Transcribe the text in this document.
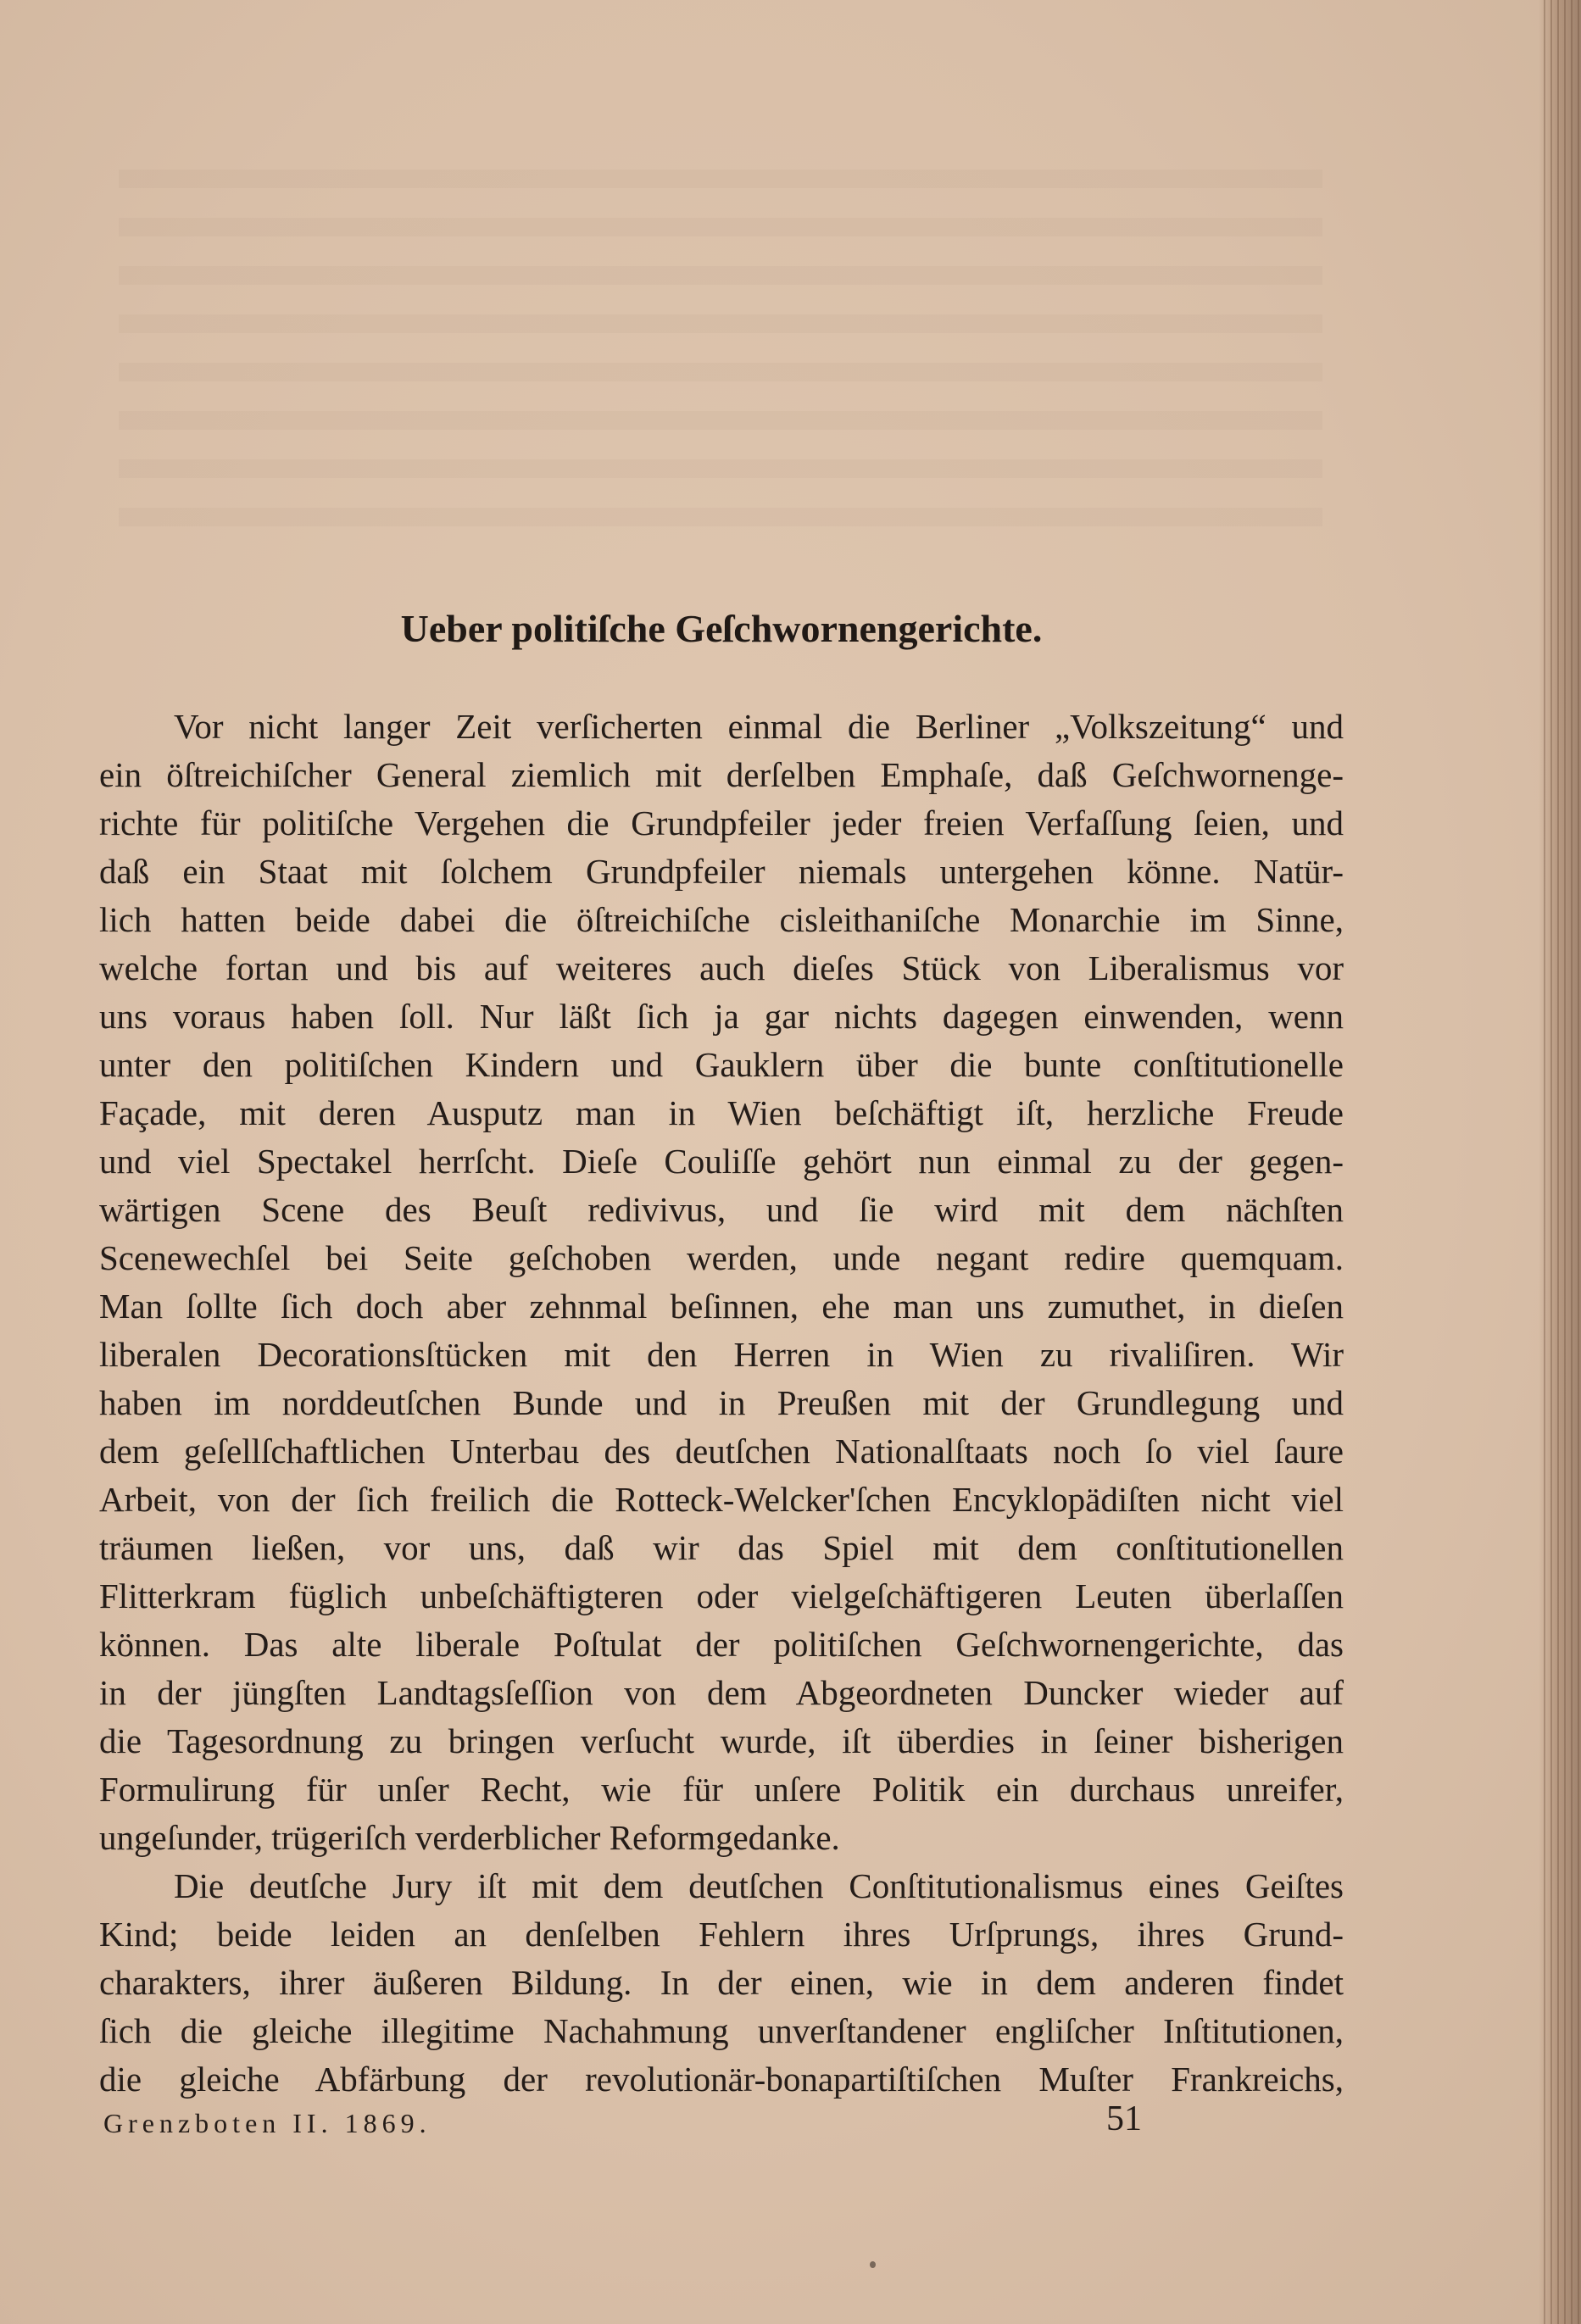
Ueber politiſche Geſchwornengerichte.
Vor nicht langer Zeit verſicherten einmal die Berliner „Volkszeitung“ und
ein öſtreichiſcher General ziemlich mit derſelben Emphaſe, daß Geſchwornenge-
richte für politiſche Vergehen die Grundpfeiler jeder freien Verfaſſung ſeien, und
daß ein Staat mit ſolchem Grundpfeiler niemals untergehen könne. Natür-
lich hatten beide dabei die öſtreichiſche cisleithaniſche Monarchie im Sinne,
welche fortan und bis auf weiteres auch dieſes Stück von Liberalismus vor
uns voraus haben ſoll. Nur läßt ſich ja gar nichts dagegen einwenden, wenn
unter den politiſchen Kindern und Gauklern über die bunte conſtitutionelle
Façade, mit deren Ausputz man in Wien beſchäftigt iſt, herzliche Freude
und viel Spectakel herrſcht. Dieſe Couliſſe gehört nun einmal zu der gegen-
wärtigen Scene des Beuſt redivivus, und ſie wird mit dem nächſten
Scenewechſel bei Seite geſchoben werden, unde negant redire quemquam.
Man ſollte ſich doch aber zehnmal beſinnen, ehe man uns zumuthet, in dieſen
liberalen Decorationsſtücken mit den Herren in Wien zu rivaliſiren. Wir
haben im norddeutſchen Bunde und in Preußen mit der Grundlegung und
dem geſellſchaftlichen Unterbau des deutſchen Nationalſtaats noch ſo viel ſaure
Arbeit, von der ſich freilich die Rotteck-Welcker'ſchen Encyklopädiſten nicht viel
träumen ließen, vor uns, daß wir das Spiel mit dem conſtitutionellen
Flitterkram füglich unbeſchäftigteren oder vielgeſchäftigeren Leuten überlaſſen
können. Das alte liberale Poſtulat der politiſchen Geſchwornengerichte, das
in der jüngſten Landtagsſeſſion von dem Abgeordneten Duncker wieder auf
die Tagesordnung zu bringen verſucht wurde, iſt überdies in ſeiner bisherigen
Formulirung für unſer Recht, wie für unſere Politik ein durchaus unreifer,
ungeſunder, trügeriſch verderblicher Reformgedanke.
Die deutſche Jury iſt mit dem deutſchen Conſtitutionalismus eines Geiſtes
Kind; beide leiden an denſelben Fehlern ihres Urſprungs, ihres Grund-
charakters, ihrer äußeren Bildung. In der einen, wie in dem anderen findet
ſich die gleiche illegitime Nachahmung unverſtandener engliſcher Inſtitutionen,
die gleiche Abfärbung der revolutionär-bonapartiſtiſchen Muſter Frankreichs,
Grenzboten II. 1869.	51
